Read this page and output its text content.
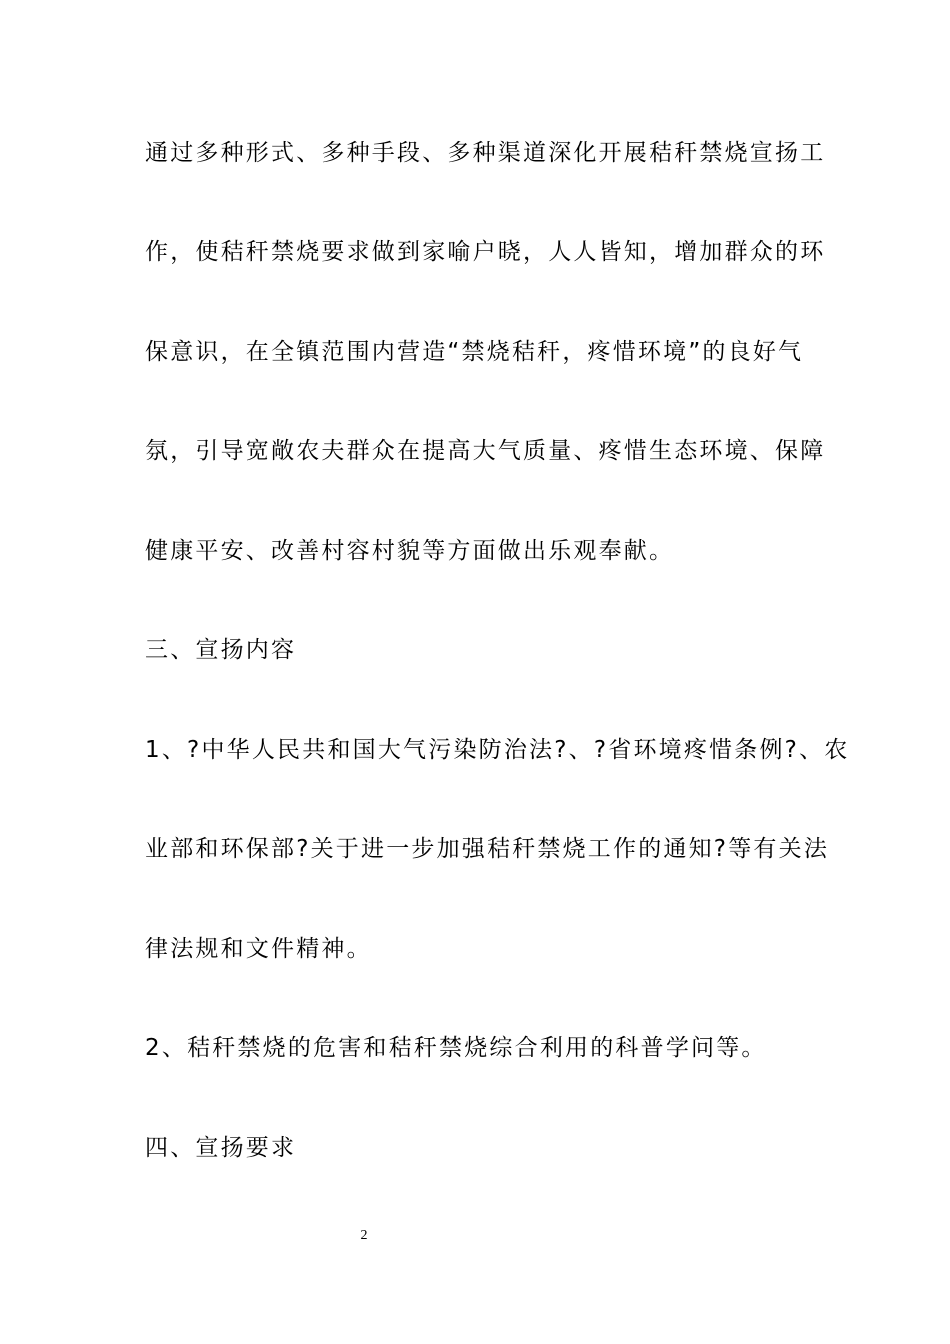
通过多种形式、多种手段、多种渠道深化开展秸秆禁烧宣扬工
作，使秸秆禁烧要求做到家喻户晓，人人皆知，增加群众的环
保意识，在全镇范围内营造“禁烧秸秆，疼惜环境”的良好气
氛，引导宽敞农夫群众在提高大气质量、疼惜生态环境、保障
健康平安、改善村容村貌等方面做出乐观奉献。
三、宣扬内容
1、?中华人民共和国大气污染防治法?、?省环境疼惜条例?、农
业部和环保部?关于进一步加强秸秆禁烧工作的通知?等有关法
律法规和文件精神。
2、秸秆禁烧的危害和秸秆禁烧综合利用的科普学问等。
四、宣扬要求
2
